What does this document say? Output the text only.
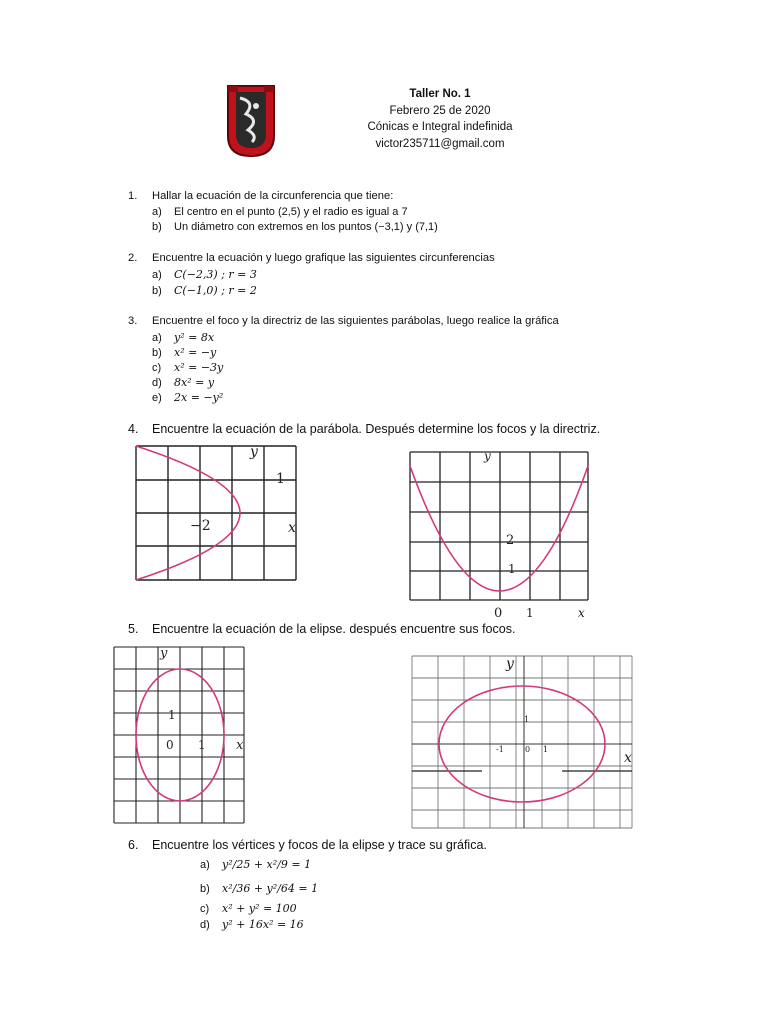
Taller No. 1
Febrero 25 de 2020
Cónicas e Integral indefinida
victor235711@gmail.com
1. Hallar la ecuación de la circunferencia que tiene:
a) El centro en el punto (2,5) y el radio es igual a 7
b) Un diámetro con extremos en los puntos (−3,1) y (7,1)
2. Encuentre la ecuación y luego grafique las siguientes circunferencias
a) C(−2,3) ; r = 3
b) C(−1,0) ; r = 2
3. Encuentre el foco y la directriz de las siguientes parábolas, luego realice la gráfica
a) y² = 8x
b) x² = −y
c) x² = −3y
d) 8x² = y
e) 2x = −y²
4. Encuentre la ecuación de la parábola. Después determine los focos y la directriz.
y
1
−2	x
y
2
1
0 1	x
5. Encuentre la ecuación de la elipse. después encuentre sus focos.
y
1
0 1 x
y
1
-1	0 1
x
6. Encuentre los vértices y focos de la elipse y trace su gráfica.
a) y²/25 + x²/9 = 1
b) x²/36 + y²/64 = 1
c) x² + y² = 100
d) y² + 16x² = 16
